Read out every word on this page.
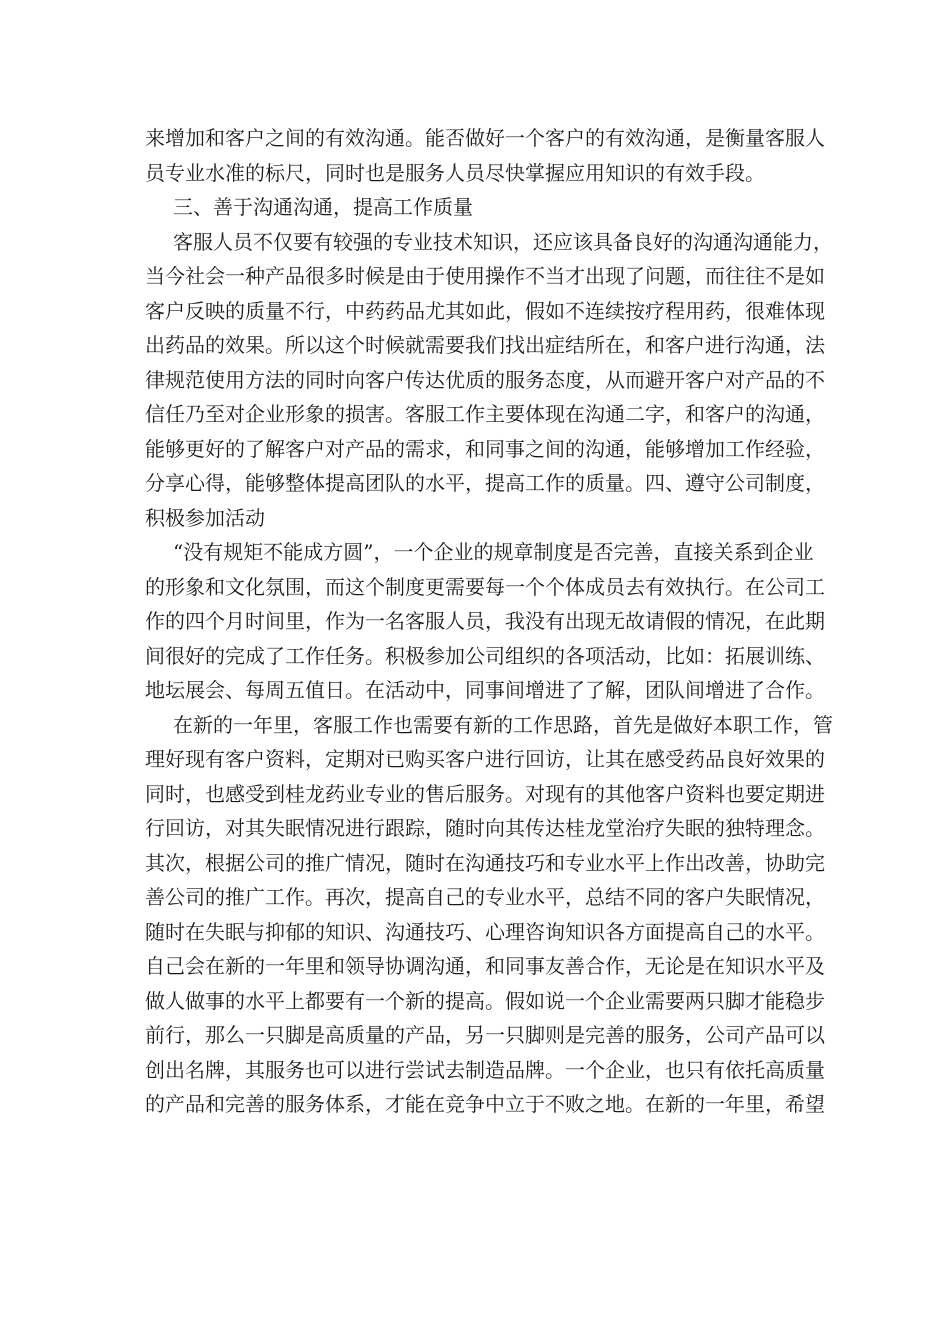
来增加和客户之间的有效沟通。能否做好一个客户的有效沟通，是衡量客服人
员专业水准的标尺，同时也是服务人员尽快掌握应用知识的有效手段。
三、善于沟通沟通，提高工作质量
客服人员不仅要有较强的专业技术知识，还应该具备良好的沟通沟通能力，
当今社会一种产品很多时候是由于使用操作不当才出现了问题，而往往不是如
客户反映的质量不行，中药药品尤其如此，假如不连续按疗程用药，很难体现
出药品的效果。所以这个时候就需要我们找出症结所在，和客户进行沟通，法
律规范使用方法的同时向客户传达优质的服务态度，从而避开客户对产品的不
信任乃至对企业形象的损害。客服工作主要体现在沟通二字，和客户的沟通，
能够更好的了解客户对产品的需求，和同事之间的沟通，能够增加工作经验，
分享心得，能够整体提高团队的水平，提高工作的质量。四、遵守公司制度，
积极参加活动
“没有规矩不能成方圆”，一个企业的规章制度是否完善，直接关系到企业
的形象和文化氛围，而这个制度更需要每一个个体成员去有效执行。在公司工
作的四个月时间里，作为一名客服人员，我没有出现无故请假的情况，在此期
间很好的完成了工作任务。积极参加公司组织的各项活动，比如：拓展训练、
地坛展会、每周五值日。在活动中，同事间增进了了解，团队间增进了合作。
在新的一年里，客服工作也需要有新的工作思路，首先是做好本职工作，管
理好现有客户资料，定期对已购买客户进行回访，让其在感受药品良好效果的
同时，也感受到桂龙药业专业的售后服务。对现有的其他客户资料也要定期进
行回访，对其失眠情况进行跟踪，随时向其传达桂龙堂治疗失眠的独特理念。
其次，根据公司的推广情况，随时在沟通技巧和专业水平上作出改善，协助完
善公司的推广工作。再次，提高自己的专业水平，总结不同的客户失眠情况，
随时在失眠与抑郁的知识、沟通技巧、心理咨询知识各方面提高自己的水平。
自己会在新的一年里和领导协调沟通，和同事友善合作，无论是在知识水平及
做人做事的水平上都要有一个新的提高。假如说一个企业需要两只脚才能稳步
前行，那么一只脚是高质量的产品，另一只脚则是完善的服务，公司产品可以
创出名牌，其服务也可以进行尝试去制造品牌。一个企业，也只有依托高质量
的产品和完善的服务体系，才能在竞争中立于不败之地。在新的一年里，希望
